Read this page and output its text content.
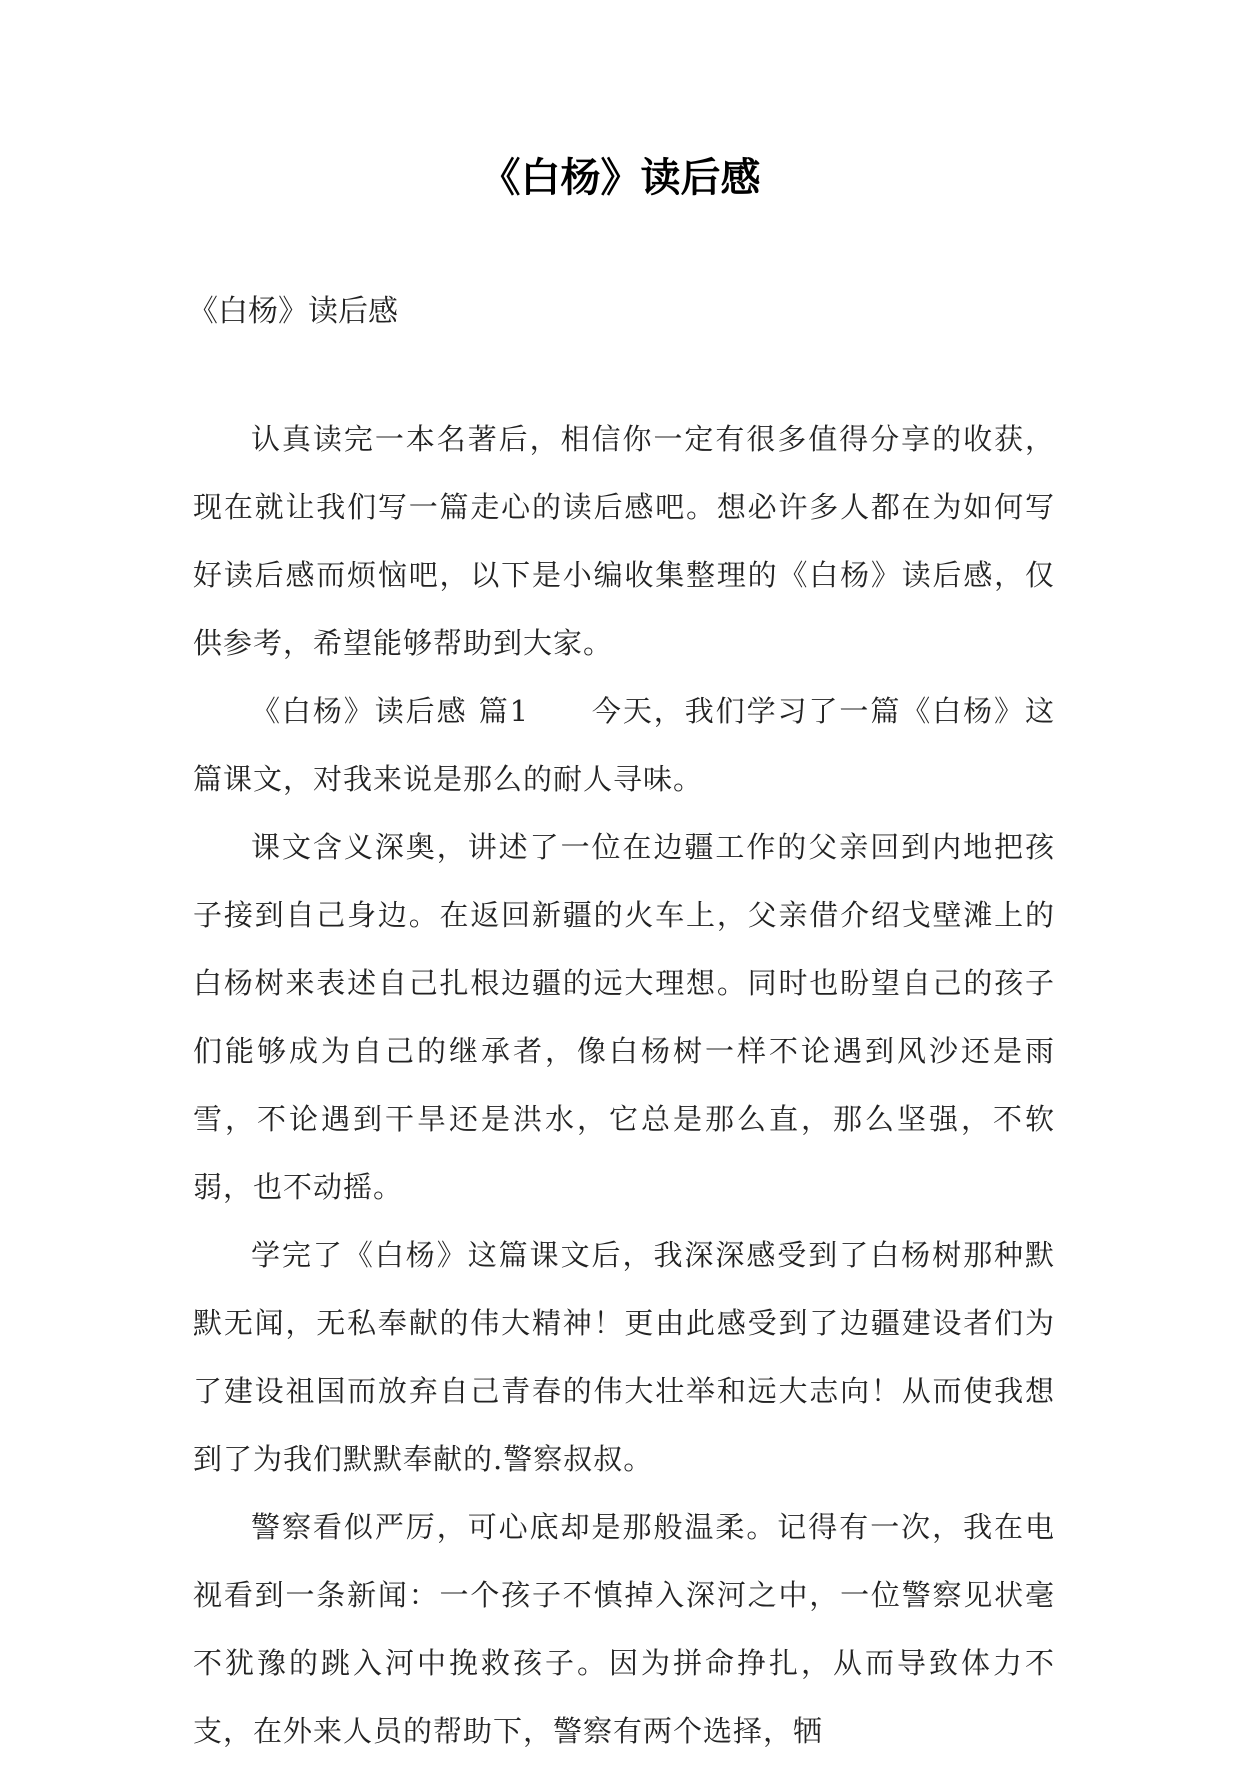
《白杨》读后感
《白杨》读后感

认真读完一本名著后，相信你一定有很多值得分享的收获，现在就让我们写一篇走心的读后感吧。想必许多人都在为如何写好读后感而烦恼吧，以下是小编收集整理的《白杨》读后感，仅供参考，希望能够帮助到大家。

《白杨》读后感 篇1　　今天，我们学习了一篇《白杨》这篇课文，对我来说是那么的耐人寻味。

课文含义深奥，讲述了一位在边疆工作的父亲回到内地把孩子接到自己身边。在返回新疆的火车上，父亲借介绍戈壁滩上的白杨树来表述自己扎根边疆的远大理想。同时也盼望自己的孩子们能够成为自己的继承者，像白杨树一样不论遇到风沙还是雨雪，不论遇到干旱还是洪水，它总是那么直，那么坚强，不软弱，也不动摇。

学完了《白杨》这篇课文后，我深深感受到了白杨树那种默默无闻，无私奉献的伟大精神！更由此感受到了边疆建设者们为了建设祖国而放弃自己青春的伟大壮举和远大志向！从而使我想到了为我们默默奉献的.警察叔叔。

警察看似严厉，可心底却是那般温柔。记得有一次，我在电视看到一条新闻：一个孩子不慎掉入深河之中，一位警察见状毫不犹豫的跳入河中挽救孩子。因为拼命挣扎，从而导致体力不支，在外来人员的帮助下，警察有两个选择，牺
